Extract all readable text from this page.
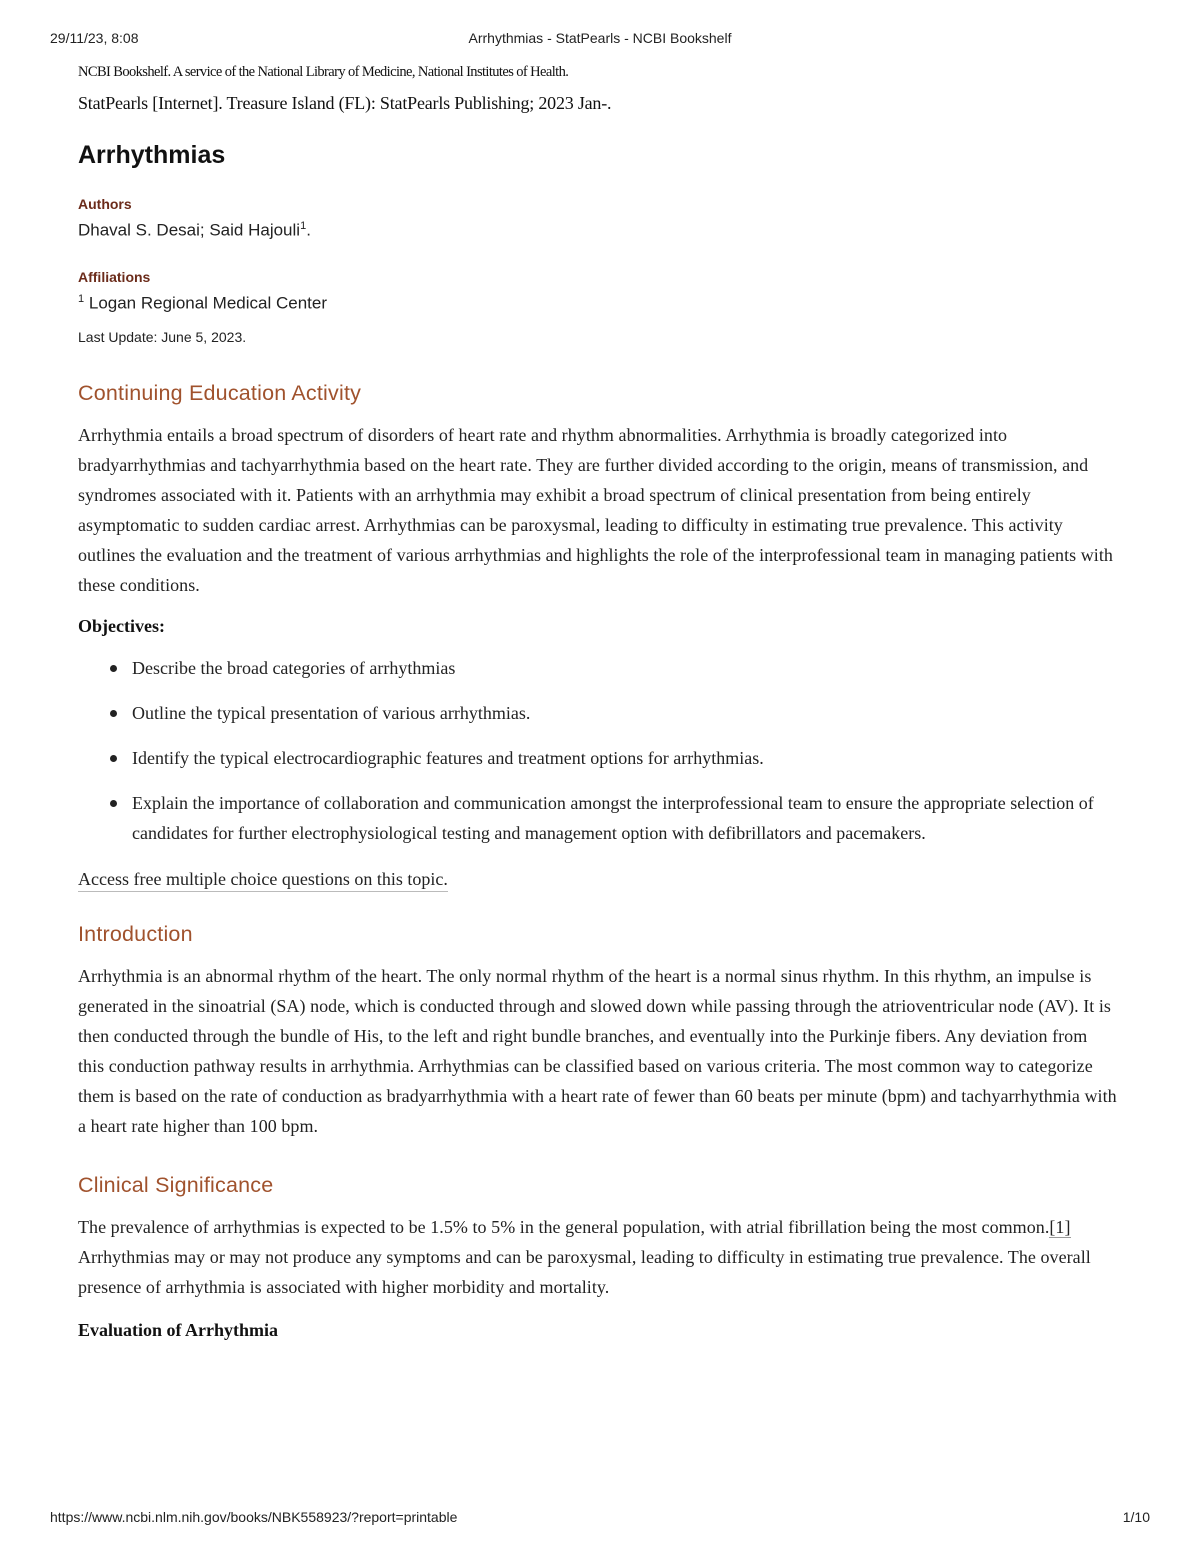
29/11/23, 8:08	Arrhythmias - StatPearls - NCBI Bookshelf

NCBI Bookshelf. A service of the National Library of Medicine, National Institutes of Health.

StatPearls [Internet]. Treasure Island (FL): StatPearls Publishing; 2023 Jan-.

Arrhythmias
Authors
Dhaval S. Desai; Said Hajouli$^1$.
Affiliations
$^1$ Logan Regional Medical Center
Last Update: June 5, 2023.
Continuing Education Activity

Arrhythmia entails a broad spectrum of disorders of heart rate and rhythm abnormalities. Arrhythmia is broadly categorized into bradyarrhythmias and tachyarrhythmia based on the heart rate. They are further divided according to the origin, means of transmission, and syndromes associated with it. Patients with an arrhythmia may exhibit a broad spectrum of clinical presentation from being entirely asymptomatic to sudden cardiac arrest. Arrhythmias can be paroxysmal, leading to difficulty in estimating true prevalence. This activity outlines the evaluation and the treatment of various arrhythmias and highlights the role of the interprofessional team in managing patients with these conditions.

Objectives:
Describe the broad categories of arrhythmias
Outline the typical presentation of various arrhythmias.
Identify the typical electrocardiographic features and treatment options for arrhythmias.
Explain the importance of collaboration and communication amongst the interprofessional team to ensure the appropriate selection of candidates for further electrophysiological testing and management option with defibrillators and pacemakers.
Access free multiple choice questions on this topic.
Introduction

Arrhythmia is an abnormal rhythm of the heart. The only normal rhythm of the heart is a normal sinus rhythm. In this rhythm, an impulse is generated in the sinoatrial (SA) node, which is conducted through and slowed down while passing through the atrioventricular node (AV). It is then conducted through the bundle of His, to the left and right bundle branches, and eventually into the Purkinje fibers. Any deviation from this conduction pathway results in arrhythmia. Arrhythmias can be classified based on various criteria. The most common way to categorize them is based on the rate of conduction as bradyarrhythmia with a heart rate of fewer than 60 beats per minute (bpm) and tachyarrhythmia with a heart rate higher than 100 bpm.

Clinical Significance

The prevalence of arrhythmias is expected to be 1.5% to 5% in the general population, with atrial fibrillation being the most common.[1] Arrhythmias may or may not produce any symptoms and can be paroxysmal, leading to difficulty in estimating true prevalence. The overall presence of arrhythmia is associated with higher morbidity and mortality.

Evaluation of Arrhythmia
https://www.ncbi.nlm.nih.gov/books/NBK558923/?report=printable	1/10
